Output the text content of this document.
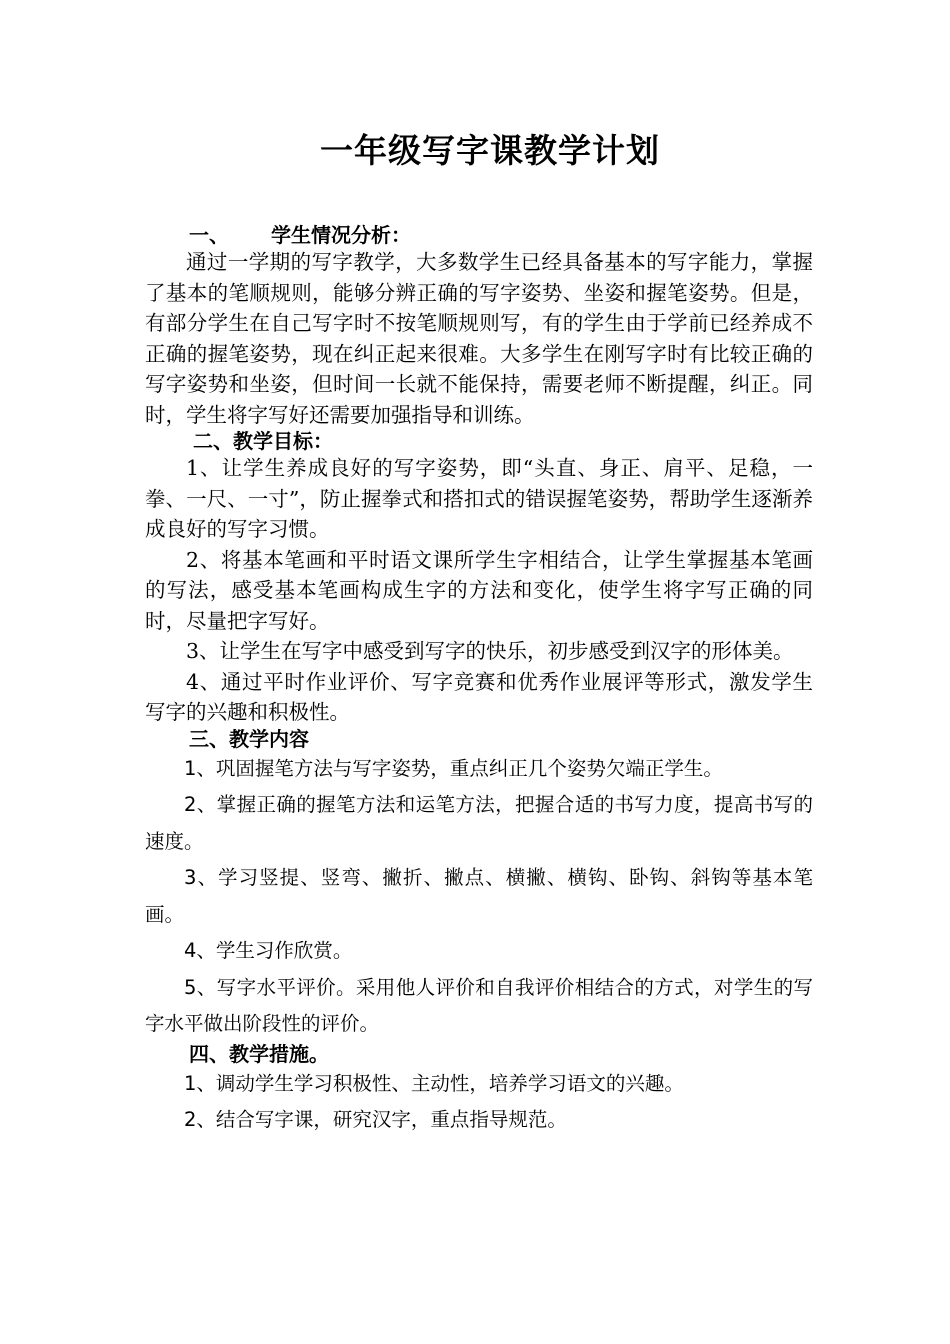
一年级写字课教学计划
一、 学生情况分析：

通过一学期的写字教学，大多数学生已经具备基本的写字能力，掌握了基本的笔顺规则，能够分辨正确的写字姿势、坐姿和握笔姿势。但是，有部分学生在自己写字时不按笔顺规则写，有的学生由于学前已经养成不正确的握笔姿势，现在纠正起来很难。大多学生在刚写字时有比较正确的写字姿势和坐姿，但时间一长就不能保持，需要老师不断提醒，纠正。同时，学生将字写好还需要加强指导和训练。

二、教学目标：

1、让学生养成良好的写字姿势，即“头直、身正、肩平、足稳，一拳、一尺、一寸”，防止握拳式和搭扣式的错误握笔姿势，帮助学生逐渐养成良好的写字习惯。

2、将基本笔画和平时语文课所学生字相结合，让学生掌握基本笔画的写法，感受基本笔画构成生字的方法和变化，使学生将字写正确的同时，尽量把字写好。

3、让学生在写字中感受到写字的快乐，初步感受到汉字的形体美。

4、通过平时作业评价、写字竞赛和优秀作业展评等形式，激发学生写字的兴趣和积极性。

三、教学内容

1、巩固握笔方法与写字姿势，重点纠正几个姿势欠端正学生。

2、掌握正确的握笔方法和运笔方法，把握合适的书写力度，提高书写的速度。

3、学习竖提、竖弯、撇折、撇点、横撇、横钩、卧钩、斜钩等基本笔画。

4、学生习作欣赏。

5、写字水平评价。采用他人评价和自我评价相结合的方式，对学生的写字水平做出阶段性的评价。

四、教学措施。

1、调动学生学习积极性、主动性，培养学习语文的兴趣。

2、结合写字课，研究汉字，重点指导规范。
